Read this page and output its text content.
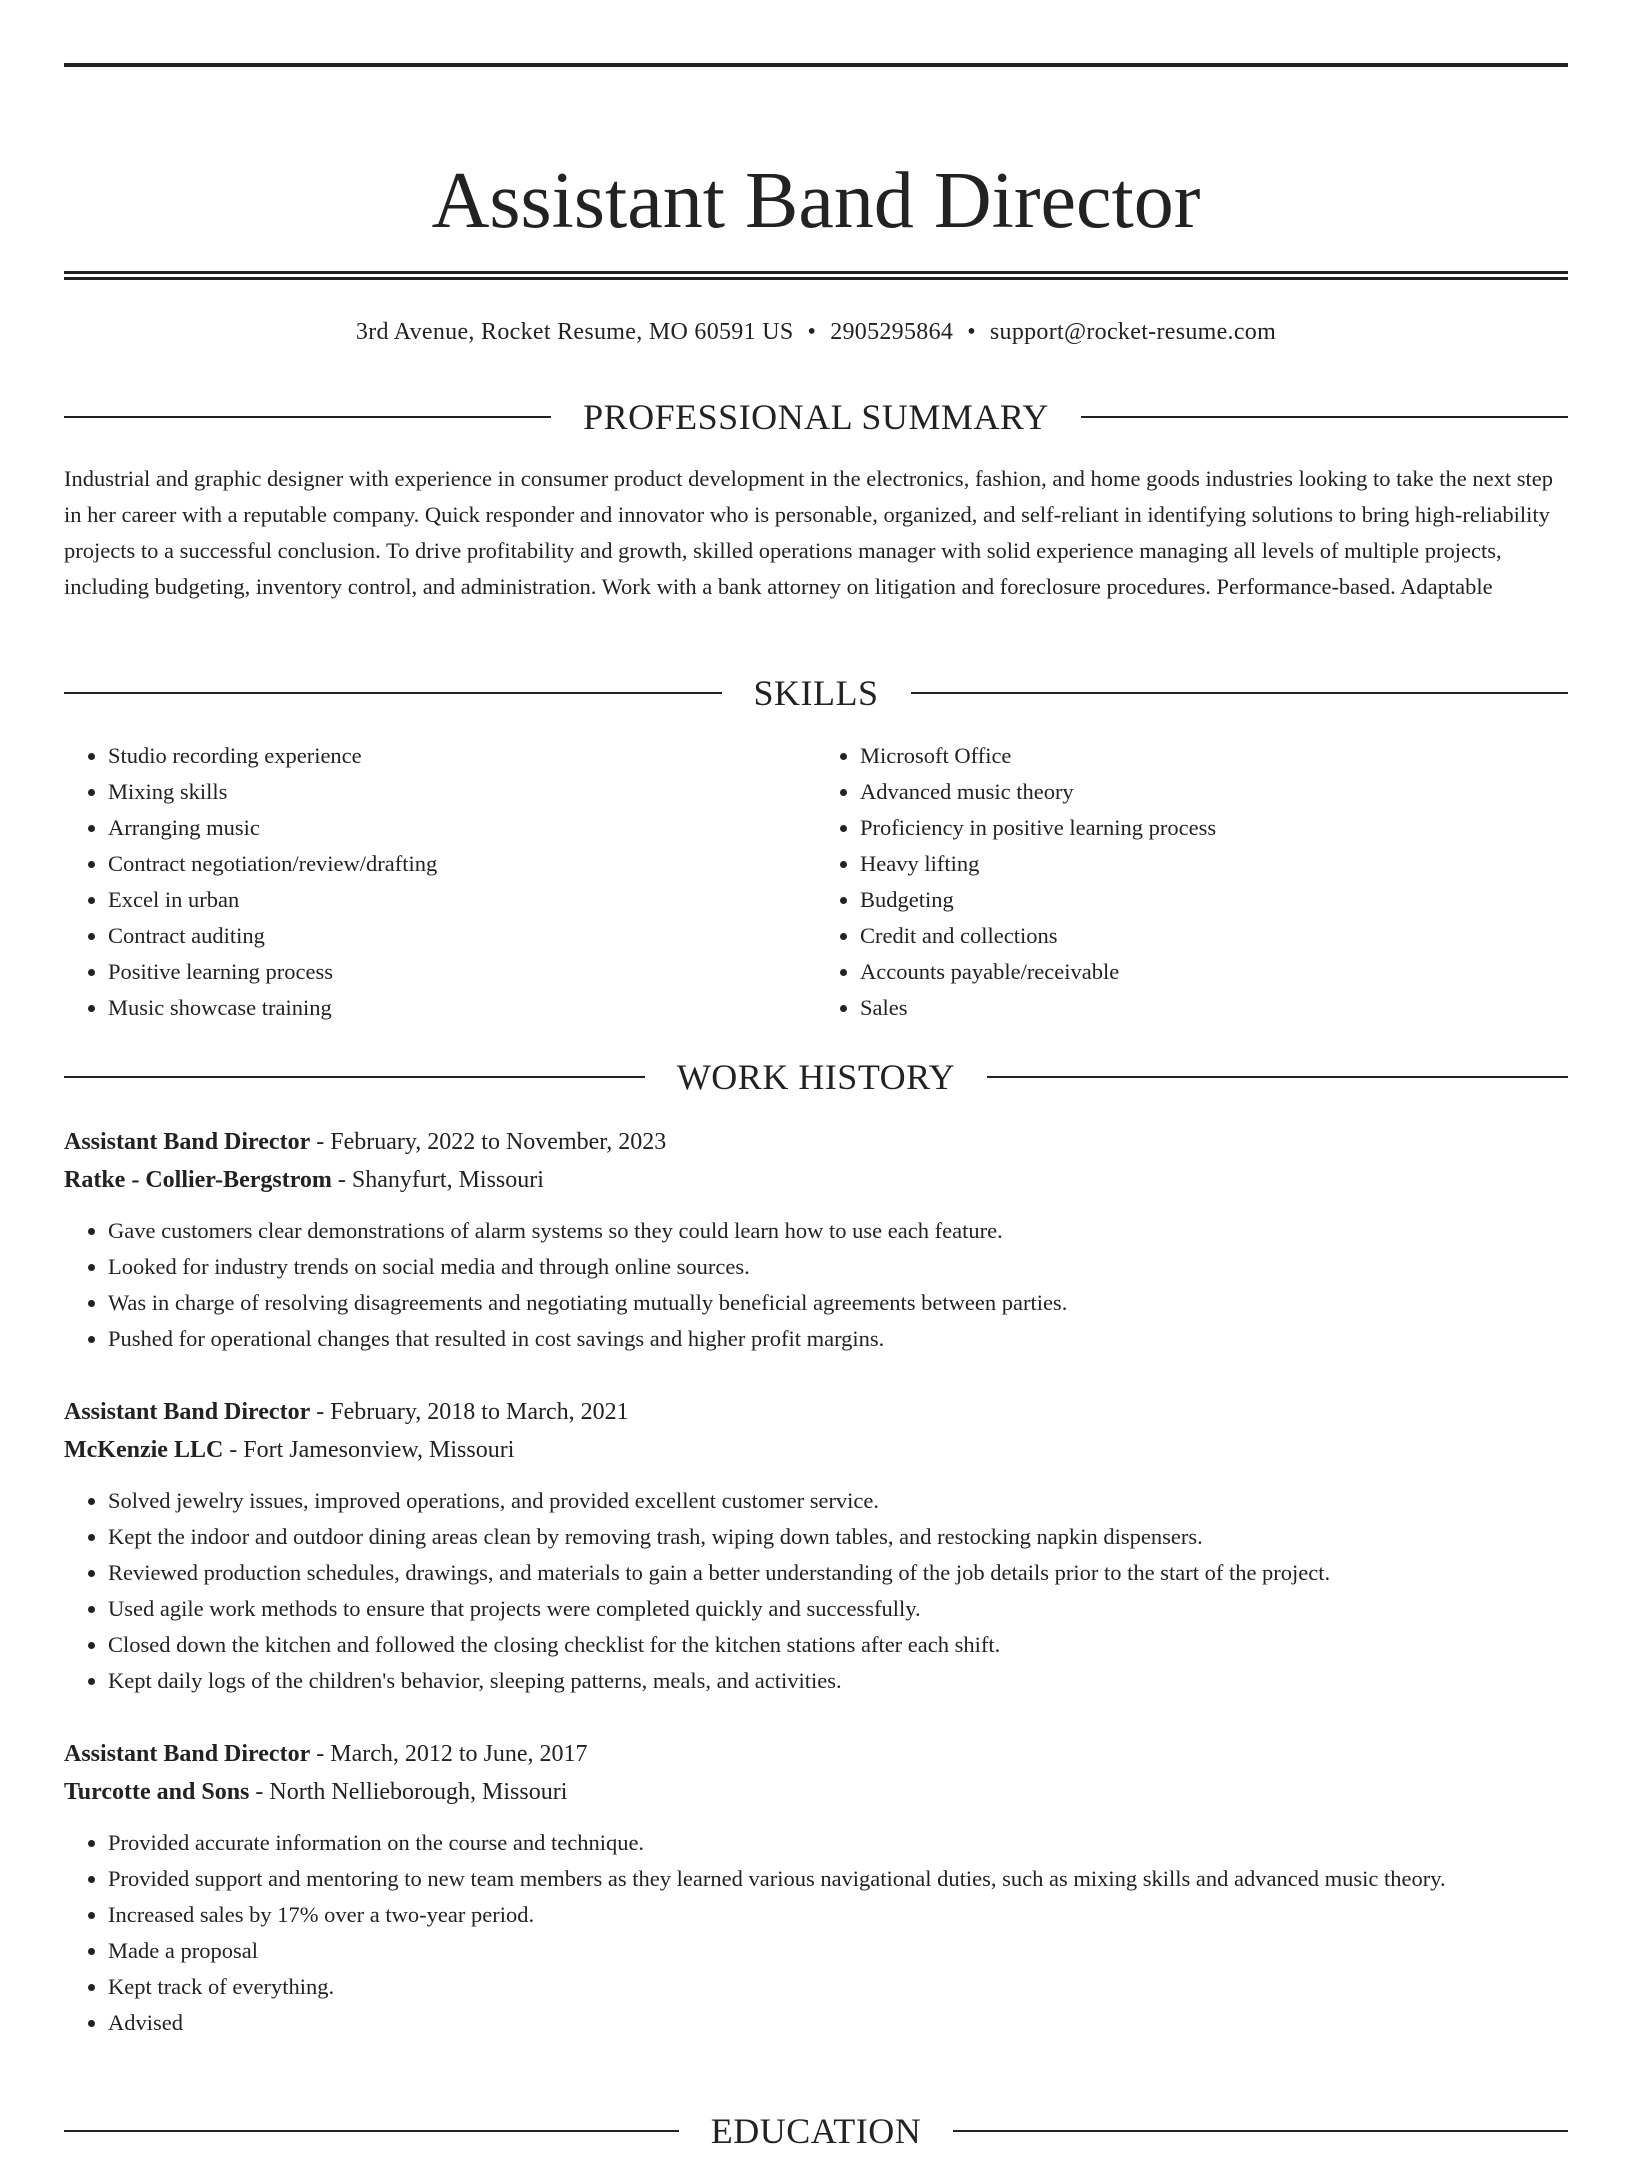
Assistant Band Director
3rd Avenue, Rocket Resume, MO 60591 US • 2905295864 • support@rocket-resume.com
PROFESSIONAL SUMMARY

Industrial and graphic designer with experience in consumer product development in the electronics, fashion, and home goods industries looking to take the next step in her career with a reputable company. Quick responder and innovator who is personable, organized, and self-reliant in identifying solutions to bring high-reliability projects to a successful conclusion. To drive profitability and growth, skilled operations manager with solid experience managing all levels of multiple projects, including budgeting, inventory control, and administration. Work with a bank attorney on litigation and foreclosure procedures. Performance-based. Adaptable

SKILLS
• Studio recording experience
• Mixing skills
• Arranging music
• Contract negotiation/review/drafting
• Excel in urban
• Contract auditing
• Positive learning process
• Music showcase training
• Microsoft Office
• Advanced music theory
• Proficiency in positive learning process
• Heavy lifting
• Budgeting
• Credit and collections
• Accounts payable/receivable
• Sales
WORK HISTORY

Assistant Band Director - February, 2022 to November, 2023

Ratke - Collier-Bergstrom - Shanyfurt, Missouri

• Gave customers clear demonstrations of alarm systems so they could learn how to use each feature.
• Looked for industry trends on social media and through online sources.
• Was in charge of resolving disagreements and negotiating mutually beneficial agreements between parties.
• Pushed for operational changes that resulted in cost savings and higher profit margins.

Assistant Band Director - February, 2018 to March, 2021

McKenzie LLC - Fort Jamesonview, Missouri

• Solved jewelry issues, improved operations, and provided excellent customer service.
• Kept the indoor and outdoor dining areas clean by removing trash, wiping down tables, and restocking napkin dispensers.
• Reviewed production schedules, drawings, and materials to gain a better understanding of the job details prior to the start of the project.
• Used agile work methods to ensure that projects were completed quickly and successfully.
• Closed down the kitchen and followed the closing checklist for the kitchen stations after each shift.
• Kept daily logs of the children's behavior, sleeping patterns, meals, and activities.

Assistant Band Director - March, 2012 to June, 2017

Turcotte and Sons - North Nellieborough, Missouri

• Provided accurate information on the course and technique.
• Provided support and mentoring to new team members as they learned various navigational duties, such as mixing skills and advanced music theory.
• Increased sales by 17% over a two-year period.
• Made a proposal
• Kept track of everything.
• Advised
EDUCATION
